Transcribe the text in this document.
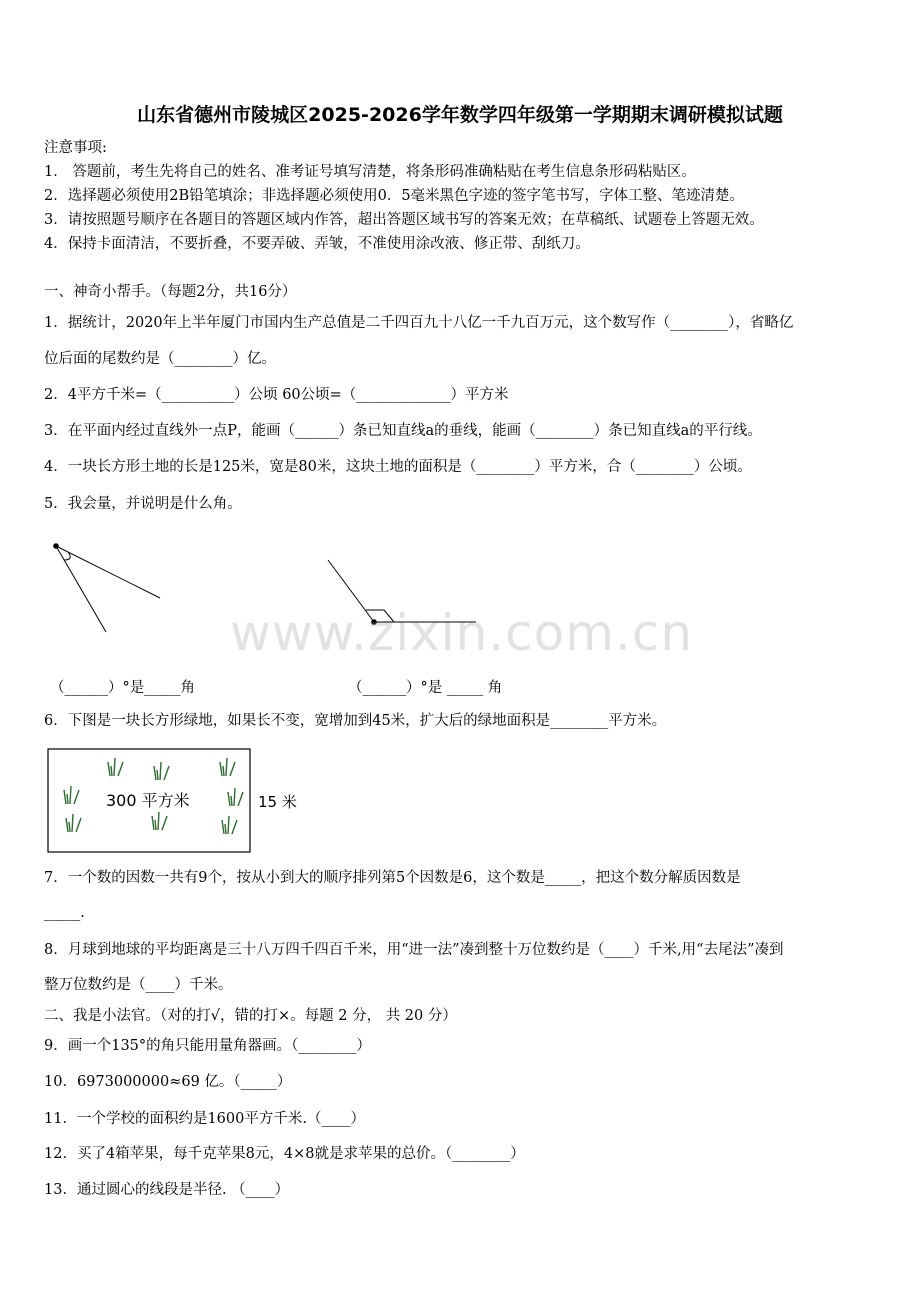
山东省德州市陵城区2025-2026学年数学四年级第一学期期末调研模拟试题
注意事项:
1． 答题前，考生先将自己的姓名、准考证号填写清楚，将条形码准确粘贴在考生信息条形码粘贴区。
2．选择题必须使用2B铅笔填涂；非选择题必须使用0．5毫米黑色字迹的签字笔书写，字体工整、笔迹清楚。
3．请按照题号顺序在各题目的答题区域内作答，超出答题区域书写的答案无效；在草稿纸、试题卷上答题无效。
4．保持卡面清洁，不要折叠，不要弄破、弄皱，不准使用涂改液、修正带、刮纸刀。
一、神奇小帮手。（每题2分，共16分）
1．据统计，2020年上半年厦门市国内生产总值是二千四百九十八亿一千九百万元，这个数写作（________），省略亿
位后面的尾数约是（________）亿。
2．4平方千米=（__________）公顷 60公顷=（_____________）平方米
3．在平面内经过直线外一点P，能画（______）条已知直线a的垂线，能画（________）条已知直线a的平行线。
4．一块长方形土地的长是125米，宽是80米，这块土地的面积是（________）平方米，合（________）公顷。
5．我会量，并说明是什么角。
www.zixin.com.cn
（______）°是_____角	（______）°是 _____ 角
6．下图是一块长方形绿地，如果长不变，宽增加到45米，扩大后的绿地面积是________平方米。
300 平方米	15 米
7．一个数的因数一共有9个，按从小到大的顺序排列第5个因数是6，这个数是_____，把这个数分解质因数是
_____.
8．月球到地球的平均距离是三十八万四千四百千米，用“进一法”凑到整十万位数约是（____）千米,用“去尾法”凑到
整万位数约是（____）千米。
二、我是小法官。（对的打√，错的打×。每题 2 分， 共 20 分）
9．画一个135°的角只能用量角器画。（________）
10．6973000000≈69 亿。（_____）
11．一个学校的面积约是1600平方千米.（____）
12．买了4箱苹果，每千克苹果8元，4×8就是求苹果的总价。（________）
13．通过圆心的线段是半径. （____）
